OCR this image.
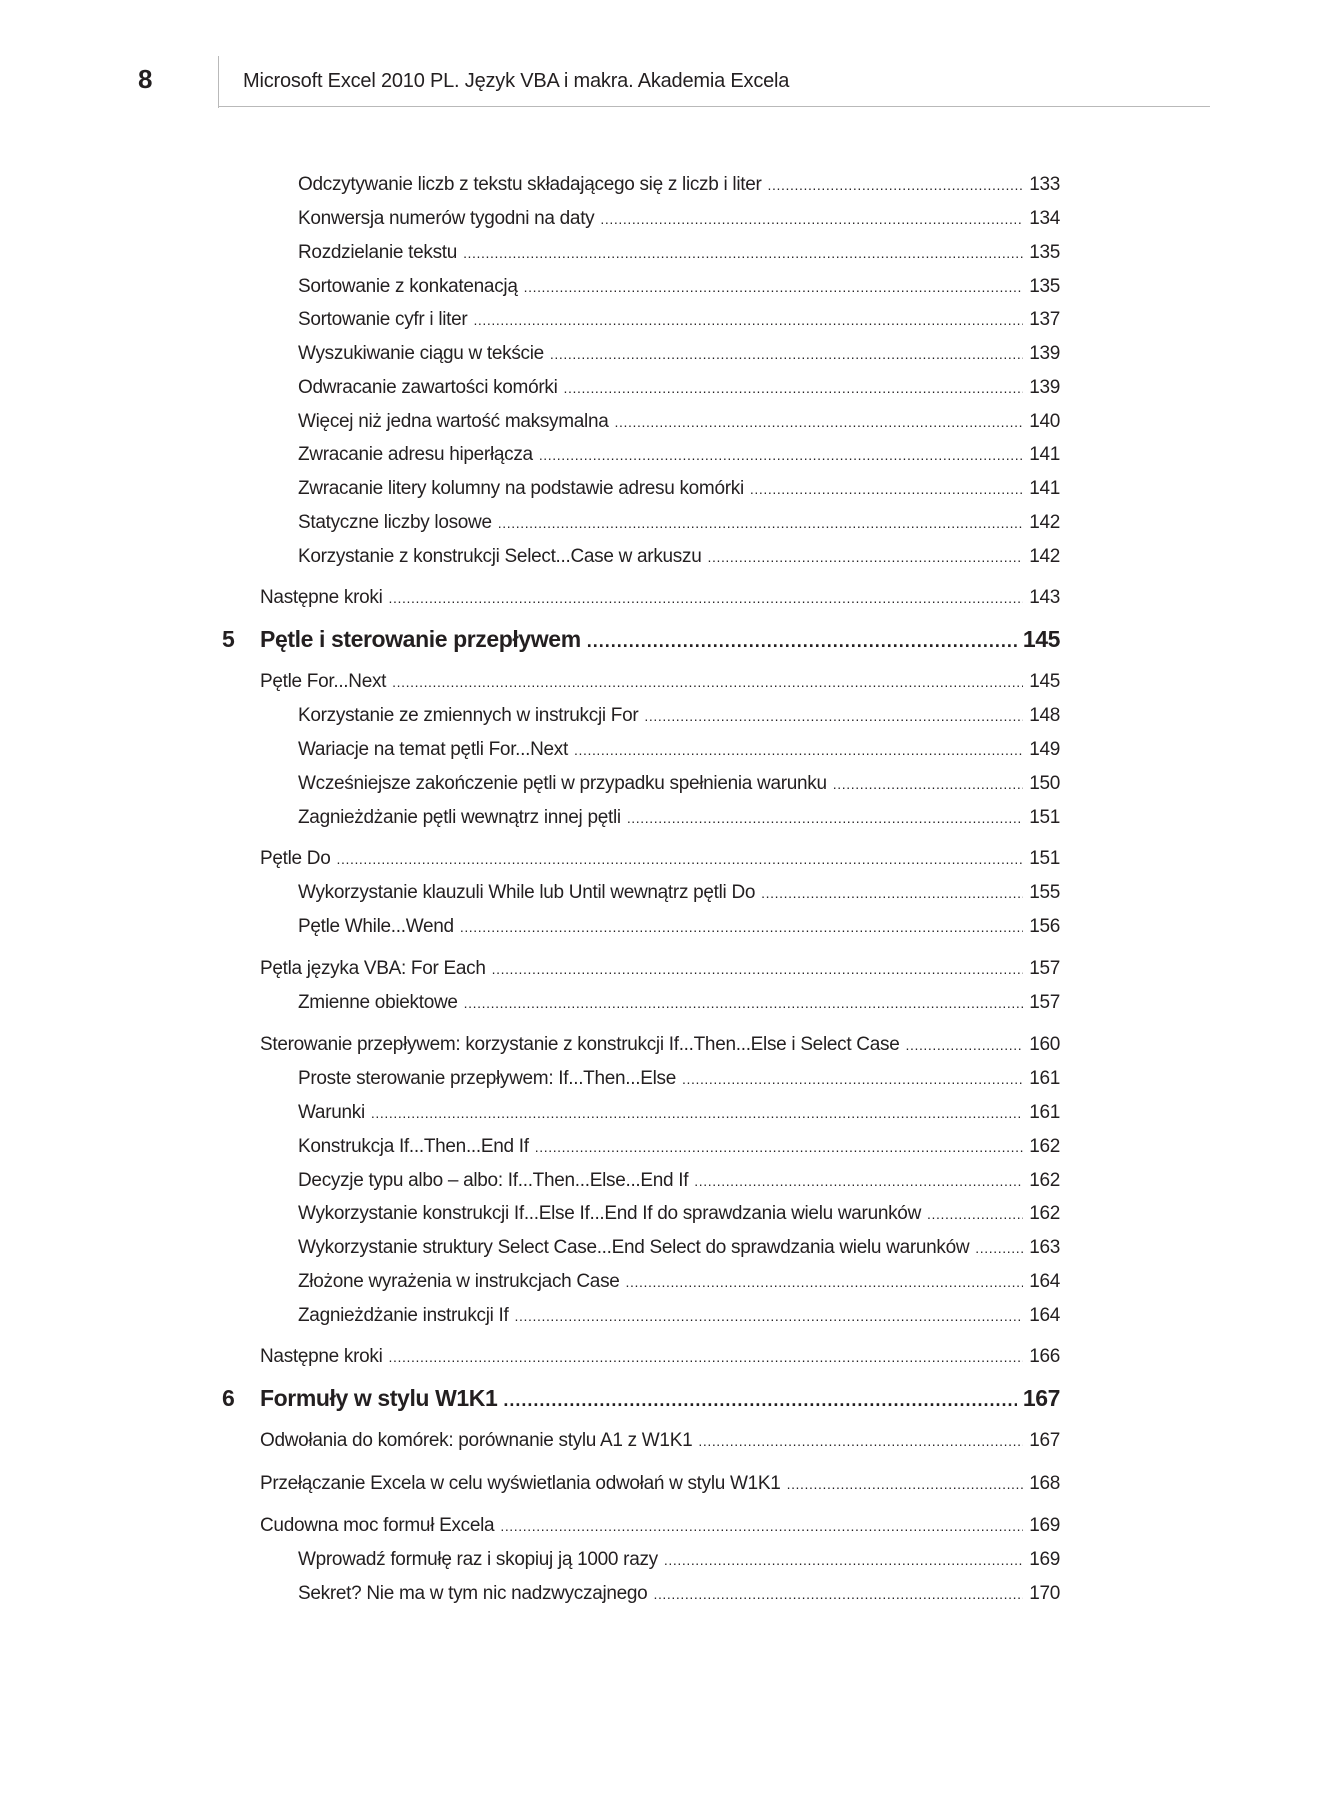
8	Microsoft Excel 2010 PL. Język VBA i makra. Akademia Excela
Odczytywanie liczb z tekstu składającego się z liczb i liter .....	133
Konwersja numerów tygodni na daty .....	134
Rozdzielanie tekstu .....	135
Sortowanie z konkatenacją .....	135
Sortowanie cyfr i liter .....	137
Wyszukiwanie ciągu w tekście .....	139
Odwracanie zawartości komórki .....	139
Więcej niż jedna wartość maksymalna .....	140
Zwracanie adresu hiperłącza .....	141
Zwracanie litery kolumny na podstawie adresu komórki .....	141
Statyczne liczby losowe .....	142
Korzystanie z konstrukcji Select...Case w arkuszu .....	142
Następne kroki .....	143
5 Pętle i sterowanie przepływem .....	145
Pętle For...Next .....	145
Korzystanie ze zmiennych w instrukcji For .....	148
Wariacje na temat pętli For...Next .....	149
Wcześniejsze zakończenie pętli w przypadku spełnienia warunku .....	150
Zagnieżdżanie pętli wewnątrz innej pętli .....	151
Pętle Do .....	151
Wykorzystanie klauzuli While lub Until wewnątrz pętli Do .....	155
Pętle While...Wend .....	156
Pętla języka VBA: For Each .....	157
Zmienne obiektowe .....	157
Sterowanie przepływem: korzystanie z konstrukcji If...Then...Else i Select Case .....	160
Proste sterowanie przepływem: If...Then...Else .....	161
Warunki .....	161
Konstrukcja If...Then...End If .....	162
Decyzje typu albo – albo: If...Then...Else...End If .....	162
Wykorzystanie konstrukcji If...Else If...End If do sprawdzania wielu warunków .....	162
Wykorzystanie struktury Select Case...End Select do sprawdzania wielu warunków .....	163
Złożone wyrażenia w instrukcjach Case .....	164
Zagnieżdżanie instrukcji If .....	164
Następne kroki .....	166
6 Formuły w stylu W1K1 .....	167
Odwołania do komórek: porównanie stylu A1 z W1K1 .....	167
Przełączanie Excela w celu wyświetlania odwołań w stylu W1K1 .....	168
Cudowna moc formuł Excela .....	169
Wprowadź formułę raz i skopiuj ją 1000 razy .....	169
Sekret? Nie ma w tym nic nadzwyczajnego .....	170
